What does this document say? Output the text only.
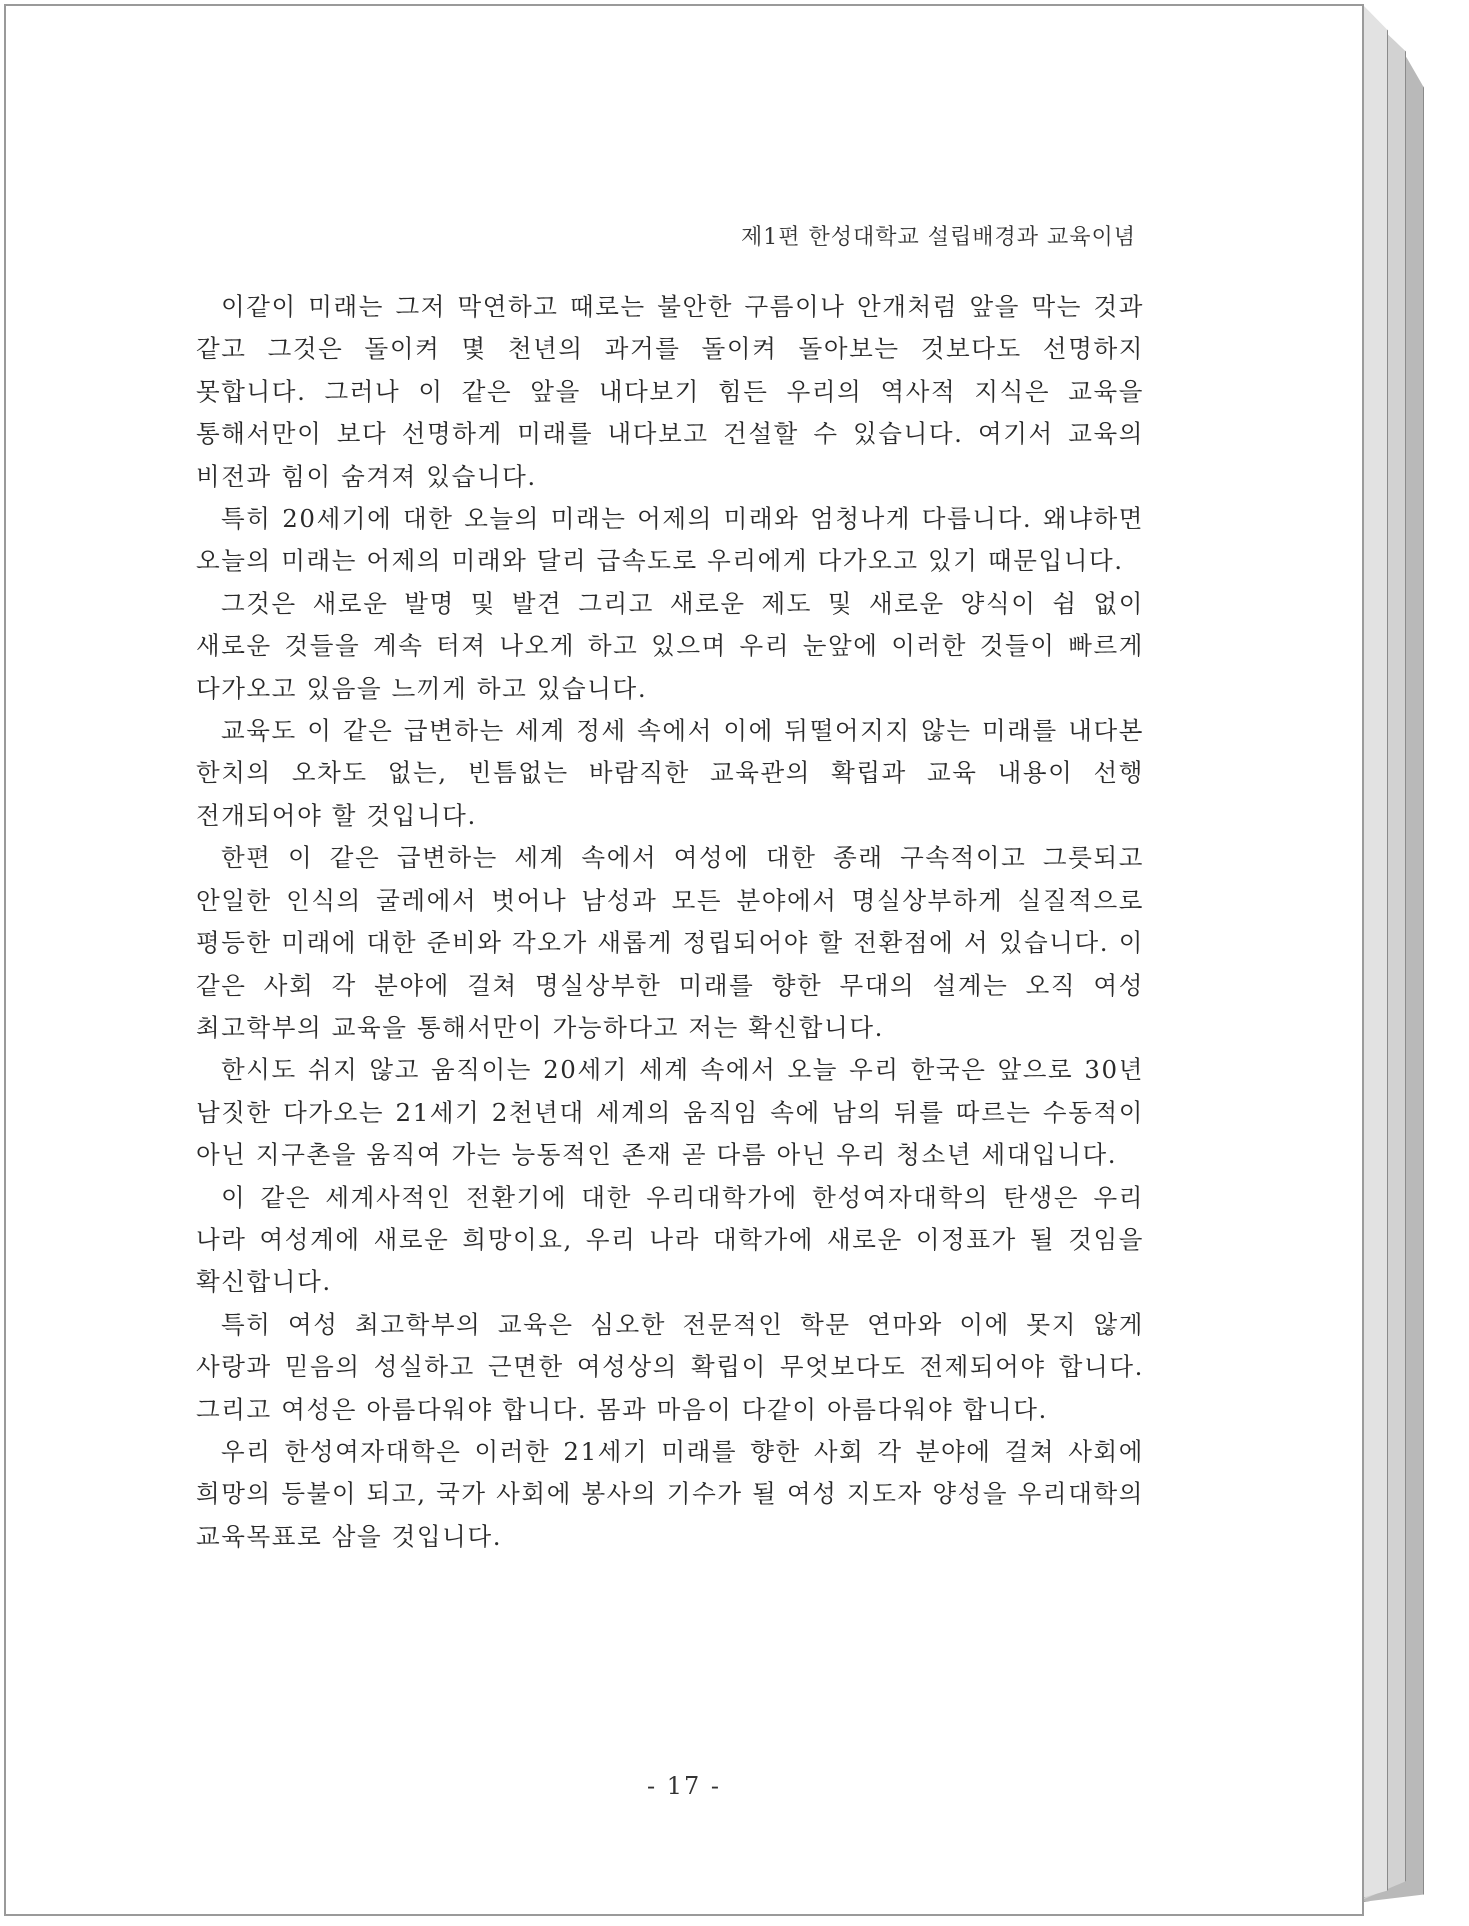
제1편 한성대학교 설립배경과 교육이념

이같이 미래는 그저 막연하고 때로는 불안한 구름이나 안개처럼 앞을 막는 것과 같고 그것은 돌이켜 몇 천년의 과거를 돌이켜 돌아보는 것보다도 선명하지 못합니다. 그러나 이 같은 앞을 내다보기 힘든 우리의 역사적 지식은 교육을 통해서만이 보다 선명하게 미래를 내다보고 건설할 수 있습니다. 여기서 교육의 비전과 힘이 숨겨져 있습니다.

특히 20세기에 대한 오늘의 미래는 어제의 미래와 엄청나게 다릅니다. 왜냐하면 오늘의 미래는 어제의 미래와 달리 급속도로 우리에게 다가오고 있기 때문입니다.

그것은 새로운 발명 및 발견 그리고 새로운 제도 및 새로운 양식이 쉼 없이 새로운 것들을 계속 터져 나오게 하고 있으며 우리 눈앞에 이러한 것들이 빠르게 다가오고 있음을 느끼게 하고 있습니다.

교육도 이 같은 급변하는 세계 정세 속에서 이에 뒤떨어지지 않는 미래를 내다본 한치의 오차도 없는, 빈틈없는 바람직한 교육관의 확립과 교육 내용이 선행 전개되어야 할 것입니다.

한편 이 같은 급변하는 세계 속에서 여성에 대한 종래 구속적이고 그릇되고 안일한 인식의 굴레에서 벗어나 남성과 모든 분야에서 명실상부하게 실질적으로 평등한 미래에 대한 준비와 각오가 새롭게 정립되어야 할 전환점에 서 있습니다. 이 같은 사회 각 분야에 걸쳐 명실상부한 미래를 향한 무대의 설계는 오직 여성 최고학부의 교육을 통해서만이 가능하다고 저는 확신합니다.

한시도 쉬지 않고 움직이는 20세기 세계 속에서 오늘 우리 한국은 앞으로 30년 남짓한 다가오는 21세기 2천년대 세계의 움직임 속에 남의 뒤를 따르는 수동적이 아닌 지구촌을 움직여 가는 능동적인 존재 곧 다름 아닌 우리 청소년 세대입니다.

이 같은 세계사적인 전환기에 대한 우리대학가에 한성여자대학의 탄생은 우리 나라 여성계에 새로운 희망이요, 우리 나라 대학가에 새로운 이정표가 될 것임을 확신합니다.

특히 여성 최고학부의 교육은 심오한 전문적인 학문 연마와 이에 못지 않게 사랑과 믿음의 성실하고 근면한 여성상의 확립이 무엇보다도 전제되어야 합니다. 그리고 여성은 아름다워야 합니다. 몸과 마음이 다같이 아름다워야 합니다.

우리 한성여자대학은 이러한 21세기 미래를 향한 사회 각 분야에 걸쳐 사회에 희망의 등불이 되고, 국가 사회에 봉사의 기수가 될 여성 지도자 양성을 우리대학의 교육목표로 삼을 것입니다.

- 17 -
